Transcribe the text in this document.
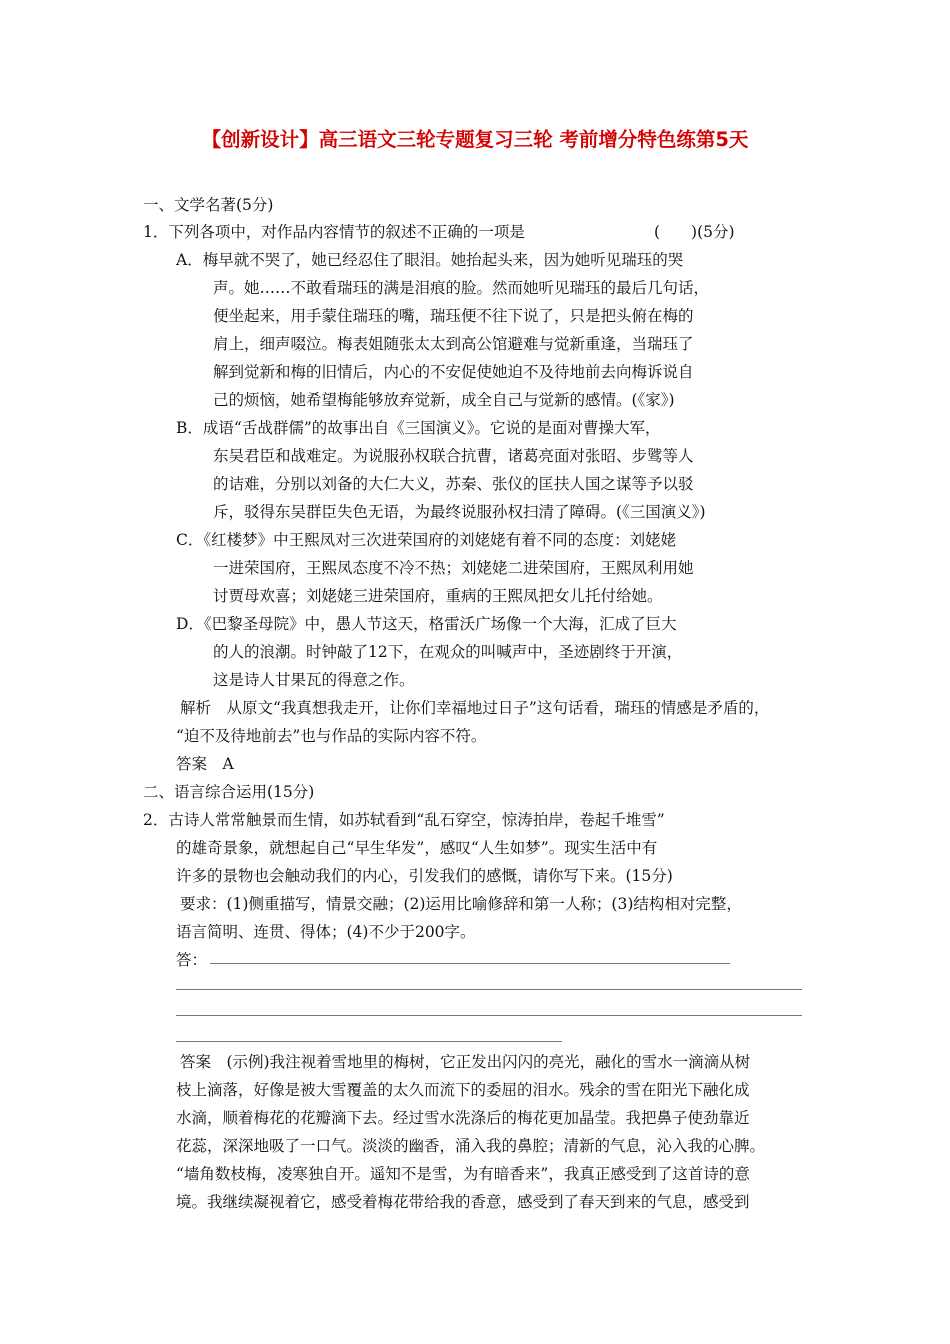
【创新设计】高三语文三轮专题复习三轮 考前增分特色练第5天
一、文学名著(5分)
1．下列各项中，对作品内容情节的叙述不正确的一项是	(　　)(5分)
A．梅早就不哭了，她已经忍住了眼泪。她抬起头来，因为她听见瑞珏的哭
声。她……不敢看瑞珏的满是泪痕的脸。然而她听见瑞珏的最后几句话，
便坐起来，用手蒙住瑞珏的嘴，瑞珏便不往下说了，只是把头俯在梅的
肩上，细声啜泣。梅表姐随张太太到高公馆避难与觉新重逢，当瑞珏了
解到觉新和梅的旧情后，内心的不安促使她迫不及待地前去向梅诉说自
己的烦恼，她希望梅能够放弃觉新，成全自己与觉新的感情。(《家》)
B．成语“舌战群儒”的故事出自《三国演义》。它说的是面对曹操大军，
东吴君臣和战难定。为说服孙权联合抗曹，诸葛亮面对张昭、步骘等人
的诘难，分别以刘备的大仁大义，苏秦、张仪的匡扶人国之谋等予以驳
斥，驳得东吴群臣失色无语，为最终说服孙权扫清了障碍。(《三国演义》)
C．《红楼梦》中王熙凤对三次进荣国府的刘姥姥有着不同的态度：刘姥姥
一进荣国府，王熙凤态度不冷不热；刘姥姥二进荣国府，王熙凤利用她
讨贾母欢喜；刘姥姥三进荣国府，重病的王熙凤把女儿托付给她。
D．《巴黎圣母院》中，愚人节这天，格雷沃广场像一个大海，汇成了巨大
的人的浪潮。时钟敲了12下，在观众的叫喊声中，圣迹剧终于开演，
这是诗人甘果瓦的得意之作。
解析　从原文“我真想我走开，让你们幸福地过日子”这句话看，瑞珏的情感是矛盾的，
“迫不及待地前去”也与作品的实际内容不符。
答案　A
二、语言综合运用(15分)
2．古诗人常常触景而生情，如苏轼看到“乱石穿空，惊涛拍岸，卷起千堆雪”
的雄奇景象，就想起自己“早生华发”，感叹“人生如梦”。现实生活中有
许多的景物也会触动我们的内心，引发我们的感慨，请你写下来。(15分)
要求：(1)侧重描写，情景交融；(2)运用比喻修辞和第一人称；(3)结构相对完整，
语言简明、连贯、得体；(4)不少于200字。
答：
答案　(示例)我注视着雪地里的梅树，它正发出闪闪的亮光，融化的雪水一滴滴从树
枝上滴落，好像是被大雪覆盖的太久而流下的委屈的泪水。残余的雪在阳光下融化成
水滴，顺着梅花的花瓣滴下去。经过雪水洗涤后的梅花更加晶莹。我把鼻子使劲靠近
花蕊，深深地吸了一口气。淡淡的幽香，涌入我的鼻腔；清新的气息，沁入我的心脾。
“墙角数枝梅，凌寒独自开。遥知不是雪，为有暗香来”，我真正感受到了这首诗的意
境。我继续凝视着它，感受着梅花带给我的香意，感受到了春天到来的气息，感受到
